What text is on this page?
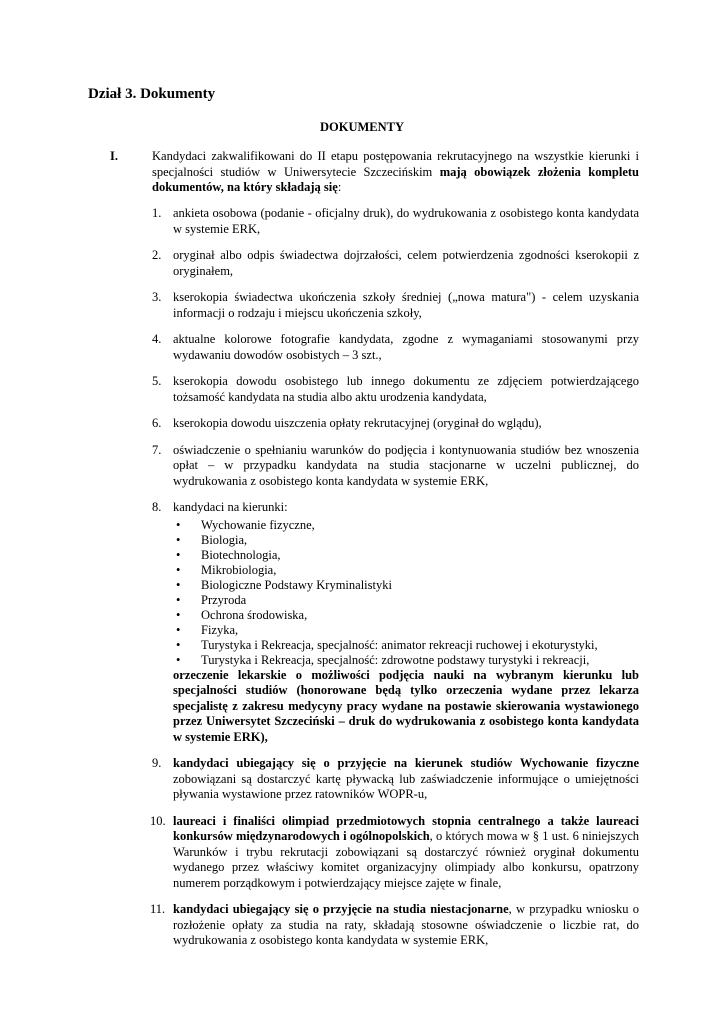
Dział 3. Dokumenty
DOKUMENTY
I.	Kandydaci zakwalifikowani do II etapu postępowania rekrutacyjnego na wszystkie kierunki i specjalności studiów w Uniwersytecie Szczecińskim mają obowiązek złożenia kompletu dokumentów, na który składają się:

1. ankieta osobowa (podanie - oficjalny druk), do wydrukowania z osobistego konta kandydata w systemie ERK,
2. oryginał albo odpis świadectwa dojrzałości, celem potwierdzenia zgodności kserokopii z oryginałem,
3. kserokopia świadectwa ukończenia szkoły średniej („nowa matura") - celem uzyskania informacji o rodzaju i miejscu ukończenia szkoły,
4. aktualne kolorowe fotografie kandydata, zgodne z wymaganiami stosowanymi przy wydawaniu dowodów osobistych – 3 szt.,
5. kserokopia dowodu osobistego lub innego dokumentu ze zdjęciem potwierdzającego tożsamość kandydata na studia albo aktu urodzenia kandydata,
6. kserokopia dowodu uiszczenia opłaty rekrutacyjnej (oryginał do wglądu),
7. oświadczenie o spełnianiu warunków do podjęcia i kontynuowania studiów bez wnoszenia opłat – w przypadku kandydata na studia stacjonarne w uczelni publicznej, do wydrukowania z osobistego konta kandydata w systemie ERK,
8. kandydaci na kierunki:
• Wychowanie fizyczne,
• Biologia,
• Biotechnologia,
• Mikrobiologia,
• Biologiczne Podstawy Kryminalistyki
• Przyroda
• Ochrona środowiska,
• Fizyka,
• Turystyka i Rekreacja, specjalność: animator rekreacji ruchowej i ekoturystyki,
• Turystyka i Rekreacja, specjalność: zdrowotne podstawy turystyki i rekreacji,
orzeczenie lekarskie o możliwości podjęcia nauki na wybranym kierunku lub specjalności studiów (honorowane będą tylko orzeczenia wydane przez lekarza specjalistę z zakresu medycyny pracy wydane na postawie skierowania wystawionego przez Uniwersytet Szczeciński – druk do wydrukowania z osobistego konta kandydata w systemie ERK),
9. kandydaci ubiegający się o przyjęcie na kierunek studiów Wychowanie fizyczne zobowiązani są dostarczyć kartę pływacką lub zaświadczenie informujące o umiejętności pływania wystawione przez ratowników WOPR-u,
10. laureaci i finaliści olimpiad przedmiotowych stopnia centralnego a także laureaci konkursów międzynarodowych i ogólnopolskich, o których mowa w § 1 ust. 6 niniejszych Warunków i trybu rekrutacji zobowiązani są dostarczyć również oryginał dokumentu wydanego przez właściwy komitet organizacyjny olimpiady albo konkursu, opatrzony numerem porządkowym i potwierdzający miejsce zajęte w finale,
11. kandydaci ubiegający się o przyjęcie na studia niestacjonarne, w przypadku wniosku o rozłożenie opłaty za studia na raty, składają stosowne oświadczenie o liczbie rat, do wydrukowania z osobistego konta kandydata w systemie ERK,
